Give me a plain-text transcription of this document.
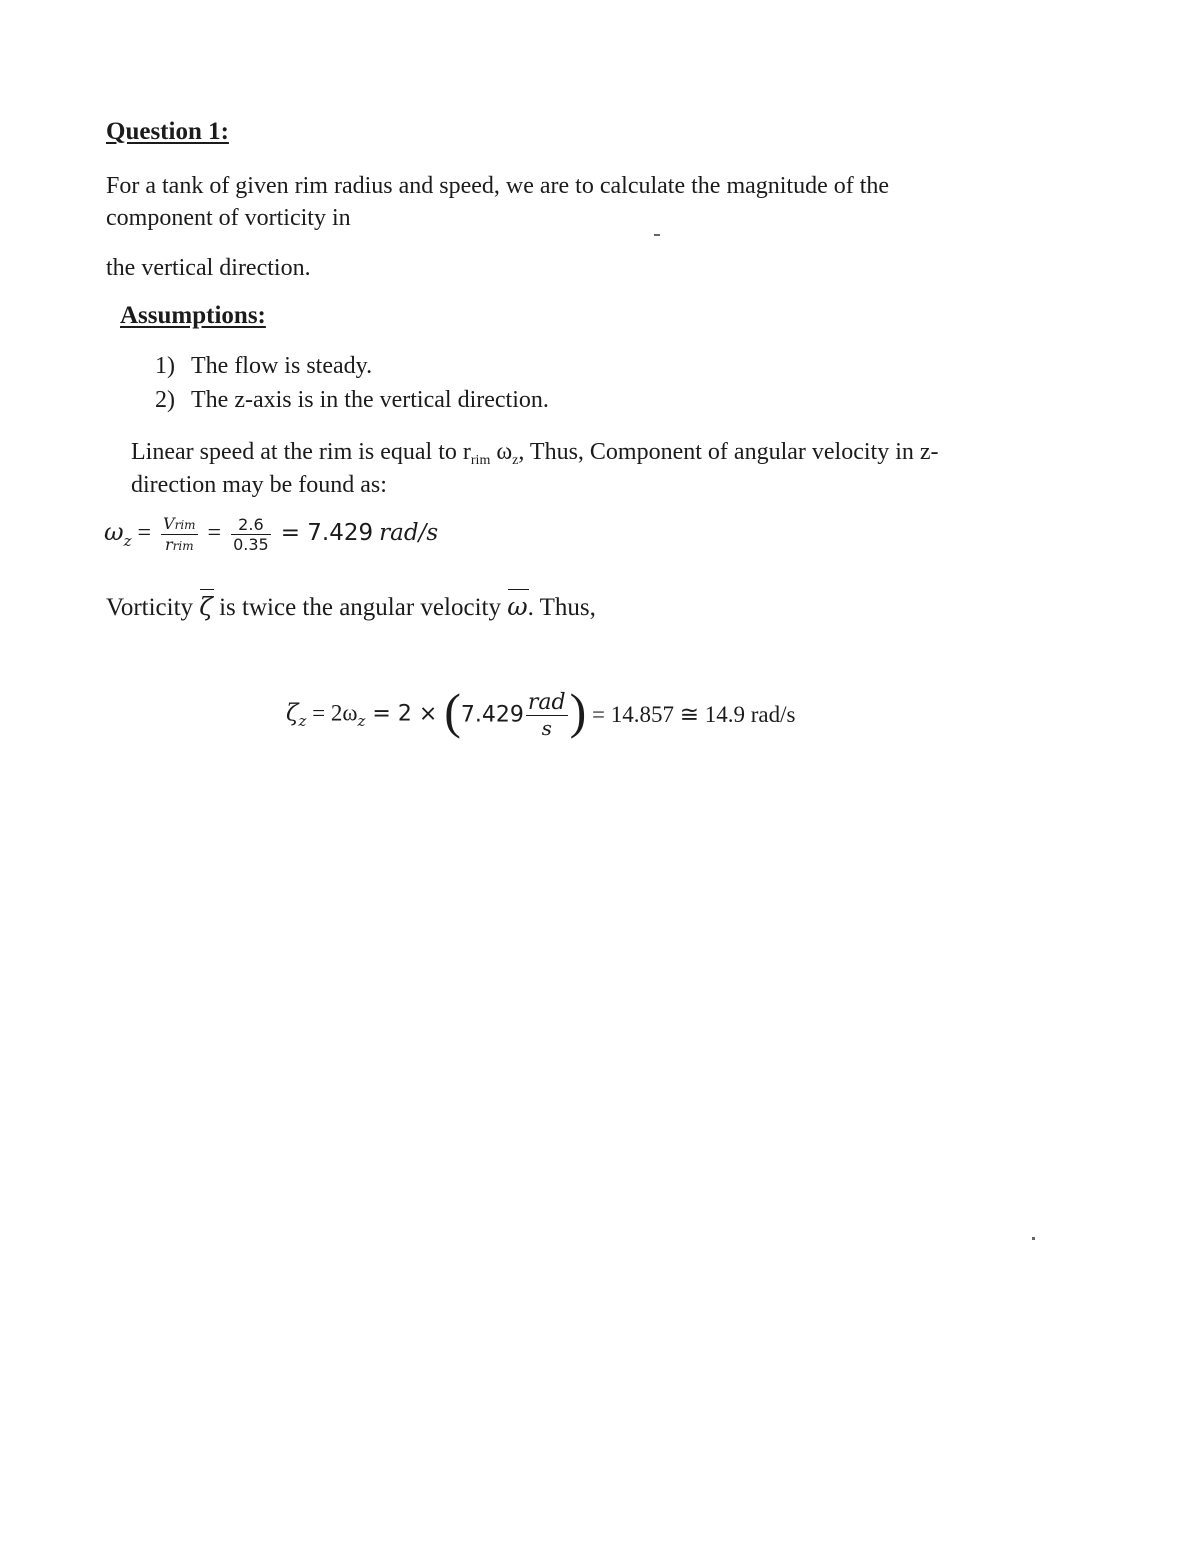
Question 1:
For a tank of given rim radius and speed, we are to calculate the magnitude of the
component of vorticity in
the vertical direction.
Assumptions:
1) The flow is steady.
2) The z-axis is in the vertical direction.
Linear speed at the rim is equal to $r_{rim}$ $\omega_z$, Thus, Component of angular velocity in z-
direction may be found as:
$\omega_z = \frac{\text{Vrim}}{\text{rrim}} = \frac{2.6}{0.35} = 7.429$ rad/s
Vorticity ζ is twice the angular velocity ω. Thus,
$\zeta_z = 2\omega_z = 2 \times (7.429 \frac{\text{rad}}{s}$ ) = 14.857 ≅ 14.9 rad/s
